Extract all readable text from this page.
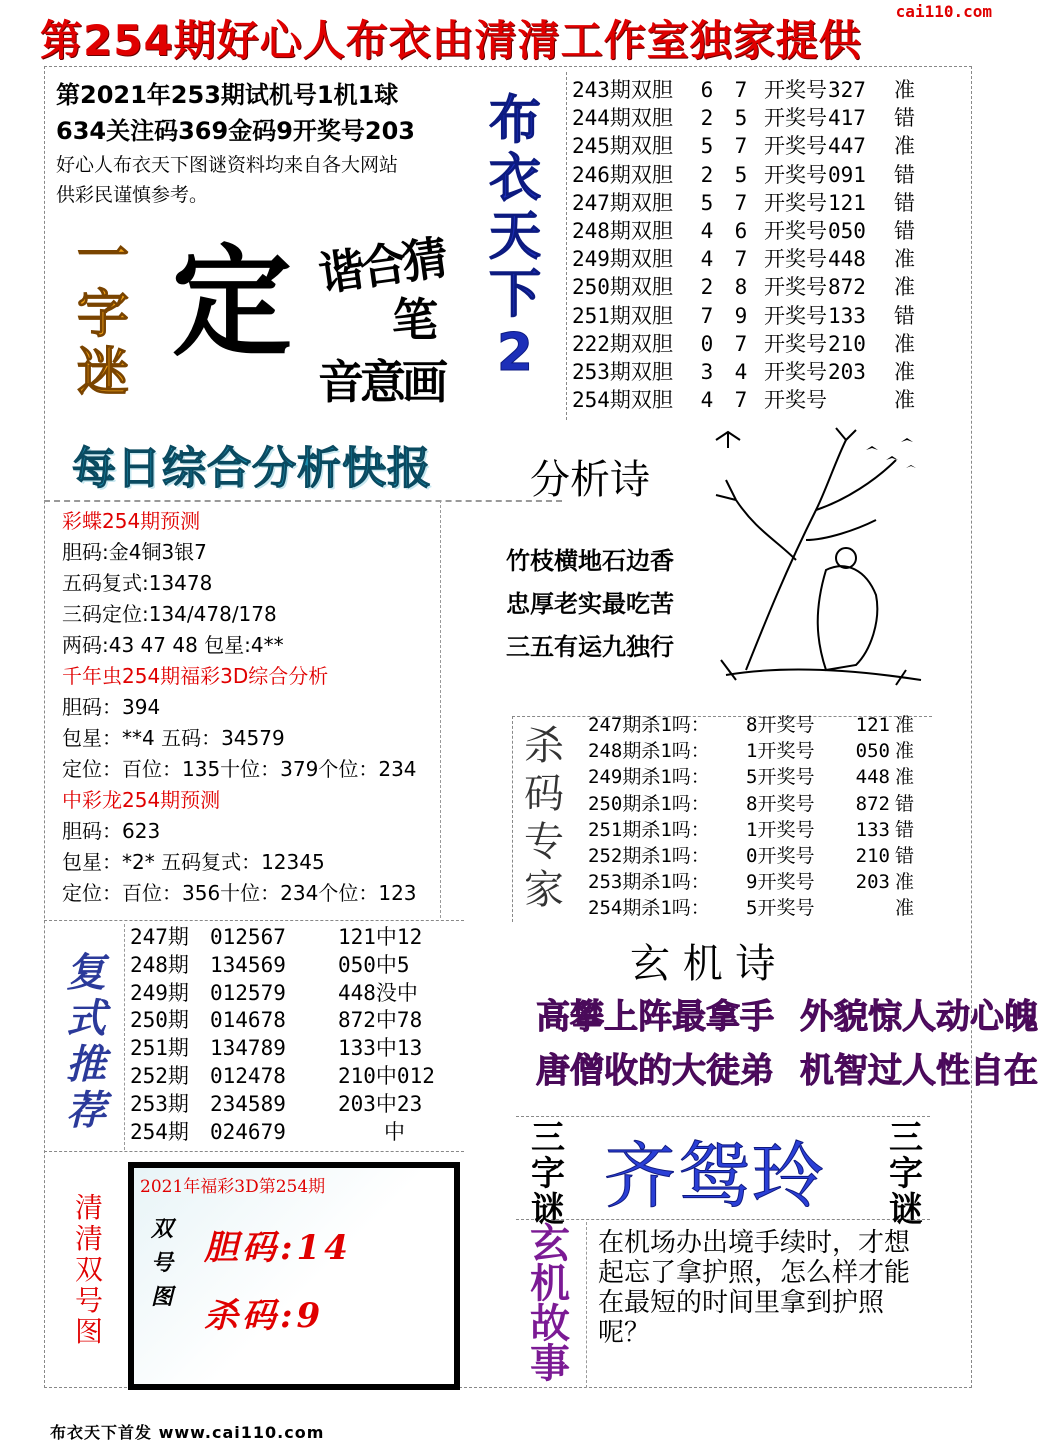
cai110.com
第254期好心人布衣由清清工作室独家提供
第2021年253期试机号1机1球
634关注码369金码9开奖号203
好心人布衣天下图谜资料均来自各大网站
供彩民谨慎参考。
布
衣
天
下
2
243期双胆	6	7 开奖号 327	准
244期双胆	2	5 开奖号 417	错
245期双胆	5	7 开奖号 447	准
246期双胆	2	5 开奖号 091	错
247期双胆	5	7 开奖号 121	错
248期双胆	4	6 开奖号 050	错
249期双胆	4	7 开奖号 448	准
250期双胆	2	8 开奖号 872	准
251期双胆	7	9 开奖号 133	错
222期双胆	0	7 开奖号 210	准
253期双胆	3	4 开奖号 203	准
254期双胆	4	7 开奖号	准
一字迷 定 谐合猜
笔
音意画
每日综合分析快报
彩蝶254期预测
胆码:金4铜3银7
五码复式:13478
三码定位:134/478/178
两码:43 47 48 包星:4**
千年虫254期福彩3D综合分析
胆码：394
包星：**4 五码：34579
定位：百位：135十位：379个位：234
中彩龙254期预测
胆码：623
包星：*2* 五码复式：12345
定位：百位：356十位：234个位：123
分析诗
竹枝横地石边香
忠厚老实最吃苦
三五有运九独行
杀
码
专
家
247期杀1吗：	8开奖号	121 准
248期杀1吗：	1开奖号	050 准
249期杀1吗：	5开奖号	448 准
250期杀1吗：	8开奖号	872 错
251期杀1吗：	1开奖号	133 错
252期杀1吗：	0开奖号	210 错
253期杀1吗：	9开奖号	203 准
254期杀1吗：	5开奖号	准
玄 机 诗
高攀上阵最拿手 外貌惊人动心魄
唐僧收的大徒弟 机智过人性自在
三
字
谜 齐鸳玲 三
字
谜
复
式
推
荐
247期	012567	121中12
248期	134569	050中5
249期	012579	448没中
250期	014678	872中78
251期	134789	133中13
252期	012478	210中012
253期	234589	203中23
254期	024679	中
清
清
双
号
图
2021年福彩3D第254期
双
号
图
胆码:14
杀码:9
玄
机
故
事
在机场办出境手续时，才想起忘了拿护照，怎么样才能在最短的时间里拿到护照呢？
布衣天下首发 www.cai110.com
